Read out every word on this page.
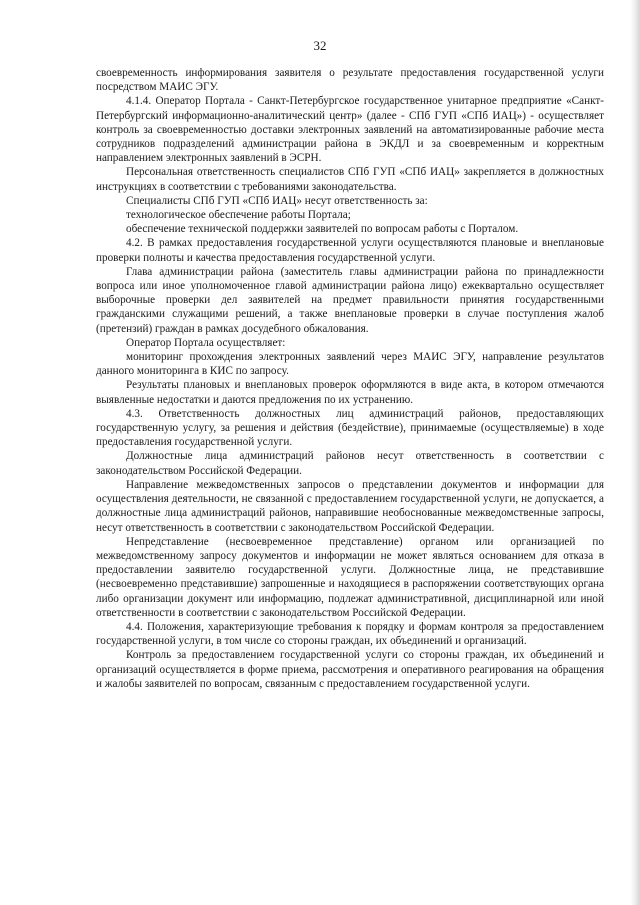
32

своевременность информирования заявителя о результате предоставления государственной услуги посредством МАИС ЭГУ.

4.1.4. Оператор Портала - Санкт-Петербургское государственное унитарное предприятие «Санкт-Петербургский информационно-аналитический центр» (далее - СПб ГУП «СПб ИАЦ») - осуществляет контроль за своевременностью доставки электронных заявлений на автоматизированные рабочие места сотрудников подразделений администрации района в ЭКДЛ и за своевременным и корректным направлением электронных заявлений в ЭСРН.

Персональная ответственность специалистов СПб ГУП «СПб ИАЦ» закрепляется в должностных инструкциях в соответствии с требованиями законодательства.

Специалисты СПб ГУП «СПб ИАЦ» несут ответственность за:

технологическое обеспечение работы Портала;

обеспечение технической поддержки заявителей по вопросам работы с Порталом.

4.2. В рамках предоставления государственной услуги осуществляются плановые и внеплановые проверки полноты и качества предоставления государственной услуги.

Глава администрации района (заместитель главы администрации района по принадлежности вопроса или иное уполномоченное главой администрации района лицо) ежеквартально осуществляет выборочные проверки дел заявителей на предмет правильности принятия государственными гражданскими служащими решений, а также внеплановые проверки в случае поступления жалоб (претензий) граждан в рамках досудебного обжалования.

Оператор Портала осуществляет:

мониторинг прохождения электронных заявлений через МАИС ЭГУ, направление результатов данного мониторинга в КИС по запросу.

Результаты плановых и внеплановых проверок оформляются в виде акта, в котором отмечаются выявленные недостатки и даются предложения по их устранению.

4.3. Ответственность должностных лиц администраций районов, предоставляющих государственную услугу, за решения и действия (бездействие), принимаемые (осуществляемые) в ходе предоставления государственной услуги.

Должностные лица администраций районов несут ответственность в соответствии с законодательством Российской Федерации.

Направление межведомственных запросов о представлении документов и информации для осуществления деятельности, не связанной с предоставлением государственной услуги, не допускается, а должностные лица администраций районов, направившие необоснованные межведомственные запросы, несут ответственность в соответствии с законодательством Российской Федерации.

Непредставление (несвоевременное представление) органом или организацией по межведомственному запросу документов и информации не может являться основанием для отказа в предоставлении заявителю государственной услуги. Должностные лица, не представившие (несвоевременно представившие) запрошенные и находящиеся в распоряжении соответствующих органа либо организации документ или информацию, подлежат административной, дисциплинарной или иной ответственности в соответствии с законодательством Российской Федерации.

4.4. Положения, характеризующие требования к порядку и формам контроля за предоставлением государственной услуги, в том числе со стороны граждан, их объединений и организаций.

Контроль за предоставлением государственной услуги со стороны граждан, их объединений и организаций осуществляется в форме приема, рассмотрения и оперативного реагирования на обращения и жалобы заявителей по вопросам, связанным с предоставлением государственной услуги.
